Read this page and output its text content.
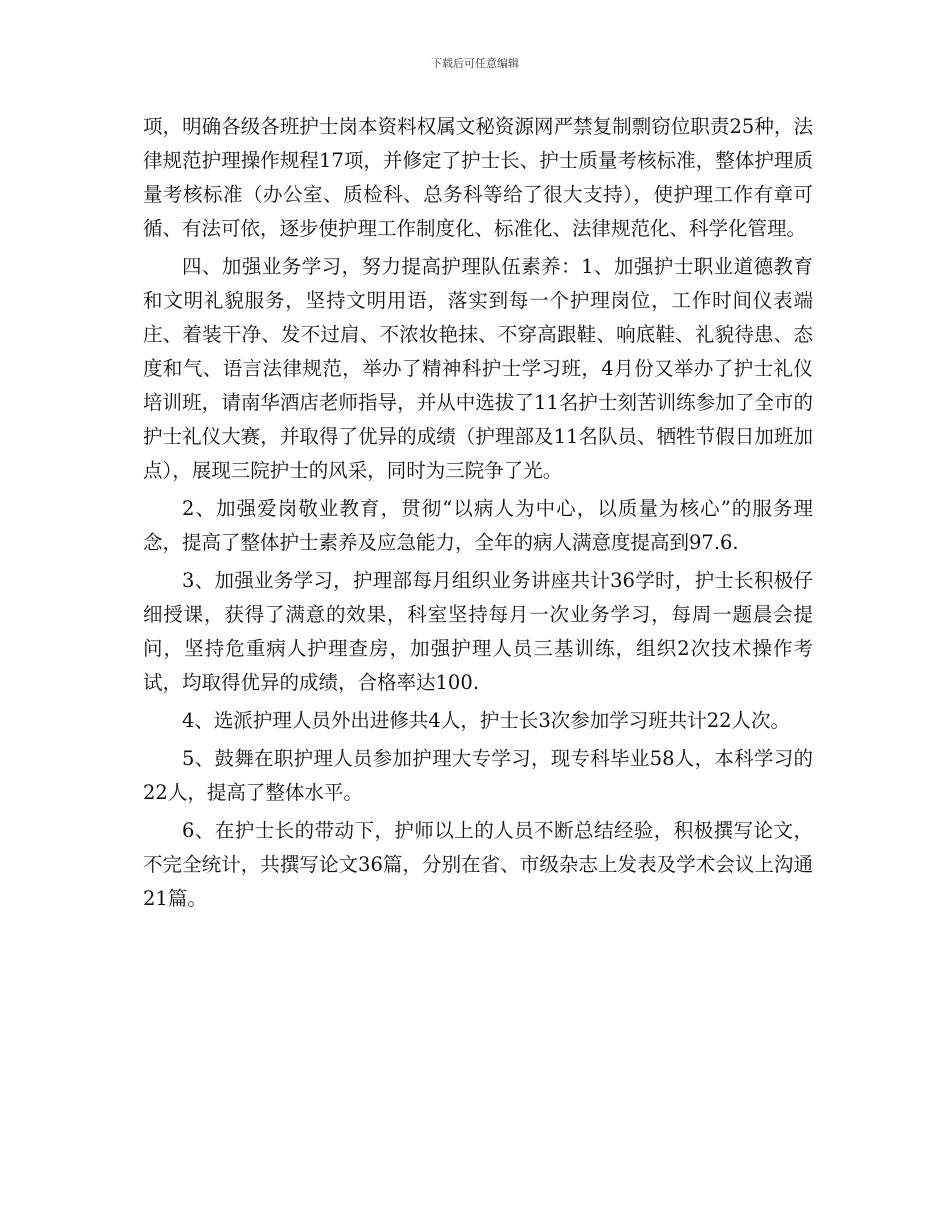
下载后可任意编辑

项，明确各级各班护士岗本资料权属文秘资源网严禁复制剽窃位职责25种，法律规范护理操作规程17项，并修定了护士长、护士质量考核标准，整体护理质量考核标准（办公室、质检科、总务科等给了很大支持），使护理工作有章可循、有法可依，逐步使护理工作制度化、标准化、法律规范化、科学化管理。

四、加强业务学习，努力提高护理队伍素养：1、加强护士职业道德教育和文明礼貌服务，坚持文明用语，落实到每一个护理岗位，工作时间仪表端庄、着装干净、发不过肩、不浓妆艳抹、不穿高跟鞋、响底鞋、礼貌待患、态度和气、语言法律规范，举办了精神科护士学习班，4月份又举办了护士礼仪培训班，请南华酒店老师指导，并从中选拔了11名护士刻苦训练参加了全市的护士礼仪大赛，并取得了优异的成绩（护理部及11名队员、牺牲节假日加班加点），展现三院护士的风采，同时为三院争了光。

2、加强爱岗敬业教育，贯彻“以病人为中心，以质量为核心”的服务理念，提高了整体护士素养及应急能力，全年的病人满意度提高到97.6.

3、加强业务学习，护理部每月组织业务讲座共计36学时，护士长积极仔细授课，获得了满意的效果，科室坚持每月一次业务学习，每周一题晨会提问，坚持危重病人护理查房，加强护理人员三基训练，组织2次技术操作考试，均取得优异的成绩，合格率达100.

4、选派护理人员外出进修共4人，护士长3次参加学习班共计22人次。

5、鼓舞在职护理人员参加护理大专学习，现专科毕业58人，本科学习的22人，提高了整体水平。

6、在护士长的带动下，护师以上的人员不断总结经验，积极撰写论文，不完全统计，共撰写论文36篇，分别在省、市级杂志上发表及学术会议上沟通21篇。
